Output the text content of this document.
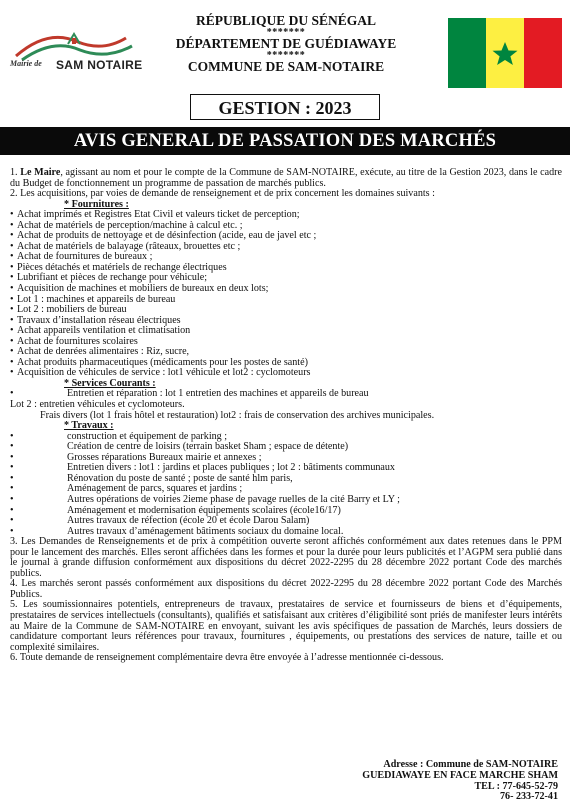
Mairie de SAM NOTAIRE
RÉPUBLIQUE DU SÉNÉGAL
*******
DÉPARTEMENT DE GUÉDIAWAYE
*******
COMMUNE DE SAM-NOTAIRE
GESTION : 2023
AVIS GENERAL DE PASSATION DES MARCHÉS

1. Le Maire, agissant au nom et pour le compte de la Commune de SAM-NOTAIRE, exécute, au titre de la Gestion 2023, dans le cadre du Budget de fonctionnement un programme de passation de marchés publics.

2. Les acquisitions, par voies de demande de renseignement et de prix concernent les domaines suivants :

* Fournitures :
• Achat imprimés et Registres Etat Civil et valeurs ticket de perception;
• Achat de matériels de perception/machine à calcul etc. ;
• Achat de produits de nettoyage et de désinfection (acide, eau de javel etc ;
• Achat de matériels de balayage (râteaux, brouettes etc ;
• Achat de fournitures de bureaux ;
• Pièces détachés et matériels de rechange électriques
• Lubrifiant et pièces de rechange pour véhicule;
• Acquisition de machines et mobiliers de bureaux en deux lots;
• Lot 1 : machines et appareils de bureau
• Lot 2 : mobiliers de bureau
• Travaux d’installation réseau électriques
• Achat appareils ventilation et climatisation
• Achat de fournitures scolaires
• Achat de denrées alimentaires : Riz, sucre,
• Achat produits pharmaceutiques (médicaments pour les postes de santé)
• Acquisition de véhicules de service : lot1 véhicule et lot2 : cyclomoteurs
* Services Courants :
•	Entretien et réparation : lot 1 entretien des machines et appareils de bureau
Lot 2 : entretien véhicules et cyclomoteurs.
Frais divers (lot 1 frais hôtel et restauration) lot2 : frais de conservation des archives municipales.
* Travaux :
•	construction et équipement de parking ;
•	Création de centre de loisirs (terrain basket Sham ; espace de détente)
•	Grosses réparations Bureaux mairie et annexes ;
•	Entretien divers : lot1 : jardins et places publiques ; lot 2 : bâtiments communaux
•	Rénovation du poste de santé ; poste de santé hlm paris,
•	Aménagement de parcs, squares et jardins ;
•	Autres opérations de voiries 2ieme phase de pavage ruelles de la cité Barry et LY ;
•	Aménagement et modernisation équipements scolaires (école16/17)
•	Autres travaux de réfection (école 20 et école Darou Salam)
•	Autres travaux d’aménagement bâtiments sociaux du domaine local.

3. Les Demandes de Renseignements et de prix à compétition ouverte seront affichés conformément aux dates retenues dans le PPM pour le lancement des marchés. Elles seront affichées dans les formes et pour la durée pour leurs publicités et l’AGPM sera publié dans le journal à grande diffusion conformément aux dispositions du décret 2022-2295 du 28 décembre 2022 portant Code des marchés publics.

4. Les marchés seront passés conformément aux dispositions du décret 2022-2295 du 28 décembre 2022 portant Code des Marchés Publics.

5. Les soumissionnaires potentiels, entrepreneurs de travaux, prestataires de service et fournisseurs de biens et d’équipements, prestataires de services intellectuels (consultants), qualifiés et satisfaisant aux critères d’éligibilité sont priés de manifester leurs intérêts au Maire de la Commune de SAM-NOTAIRE en envoyant, suivant les avis spécifiques de passation de Marchés, leurs dossiers de candidature comportant leurs références pour travaux, fournitures , équipements, ou prestations des services de nature, taille et ou complexité similaires.

6. Toute demande de renseignement complémentaire devra être envoyée à l’adresse mentionnée ci-dessous.

Adresse : Commune de SAM-NOTAIRE
GUEDIAWAYE EN FACE MARCHE SHAM
TEL : 77-645-52-79
76- 233-72-41
